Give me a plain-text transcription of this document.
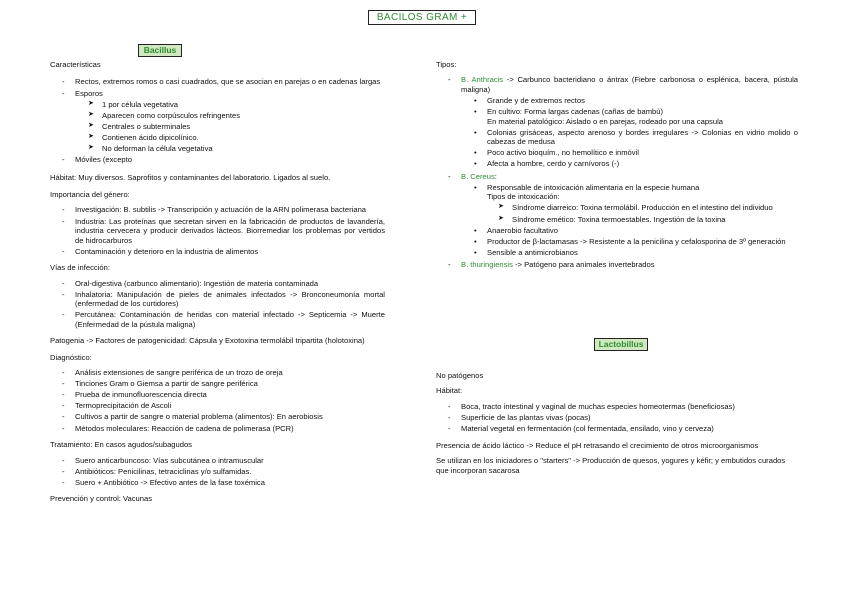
BACILOS GRAM +
Bacillus

Características

- Rectos, extremos romos o casi cuadrados, que se asocian en parejas o en cadenas largas
- Esporos
➤ 1 por célula vegetativa
➤ Aparecen como corpúsculos refringentes
➤ Centrales o subterminales
➤ Contienen ácido dipicolínico.
➤ No deforman la célula vegetativa
- Móviles (excepto

Hábitat: Muy diversos. Saprofitos y contaminantes del laboratorio. Ligados al suelo.

Importancia del género:

- Investigación: B. subtilis -> Transcripción y actuación de la ARN polimerasa bacteriana
- Industria: Las proteínas que secretan sirven en la fabricación de productos de lavandería, industria cervecera y producir derivados lácteos. Biorremediar los problemas por vertidos de hidrocarburos
- Contaminación y deterioro en la industria de alimentos

Vías de infección:

- Oral-digestiva (carbunco alimentario): Ingestión de materia contaminada
- Inhalatoria: Manipulación de pieles de animales infectados -> Bronconeumonía mortal (enfermedad de los curtidores)
- Percutánea: Contaminación de heridas con material infectado -> Septicemia -> Muerte (Enfermedad de la pústula maligna)

Patogenia -> Factores de patogenicidad: Cápsula y Exotoxina termolábil tripartita (holotoxina)

Diagnóstico:

- Análisis extensiones de sangre periférica de un trozo de oreja
- Tinciones Gram o Giemsa a partir de sangre periférica
- Prueba de inmunofluorescencia directa
- Termoprecipitación de Ascoli
- Cultivos a partir de sangre o material problema (alimentos): En aerobiosis
- Métodos moleculares: Reacción de cadena de polimerasa (PCR)

Tratamiento: En casos agudos/subagudos

- Suero anticarbuncoso: Vías subcutánea o intramuscular
- Antibióticos: Penicilinas, tetraciclinas y/o sulfamidas.
- Suero + Antibiótico -> Efectivo antes de la fase toxémica

Prevención y control: Vacunas

Tipos:

- B. Anthracis -> Carbunco bacteridiano o ántrax (Fiebre carbonosa o esplénica, bacera, pústula maligna)
• Grande y de extremos rectos
• En cultivo: Forma largas cadenas (cañas de bambú)
En material patológico: Aislado o en parejas, rodeado por una capsula
• Colonias grisáceas, aspecto arenoso y bordes irregulares -> Colonias en vidrio molido o cabezas de medusa
• Poco activo bioquím., no hemolítico e inmóvil
• Afecta a hombre, cerdo y carnívoros (-)
- B. Cereus:
• Responsable de intoxicación alimentaria en la especie humana
Tipos de intoxicación:
➤ Síndrome diarreico: Toxina termolábil. Producción en el intestino del individuo
➤ Síndrome emético: Toxina termoestables. Ingestión de la toxina
• Anaerobio facultativo
• Productor de β-lactamasas -> Resistente a la penicilina y cefalosporina de 3º generación
• Sensible a antimicrobianos
- B. thuringiensis -> Patógeno para animales invertebrados
Lactobillus

No patógenos

Hábitat:

- Boca, tracto intestinal y vaginal de muchas especies homeotermas (beneficiosas)
- Superficie de las plantas vivas (pocas)
- Material vegetal en fermentación (col fermentada, ensilado, vino y cerveza)

Presencia de ácido láctico -> Reduce el pH retrasando el crecimiento de otros microorganismos

Se utilizan en los iniciadores o "starters" -> Producción de quesos, yogures y kéfir; y embutidos curados que incorporan sacarosa
